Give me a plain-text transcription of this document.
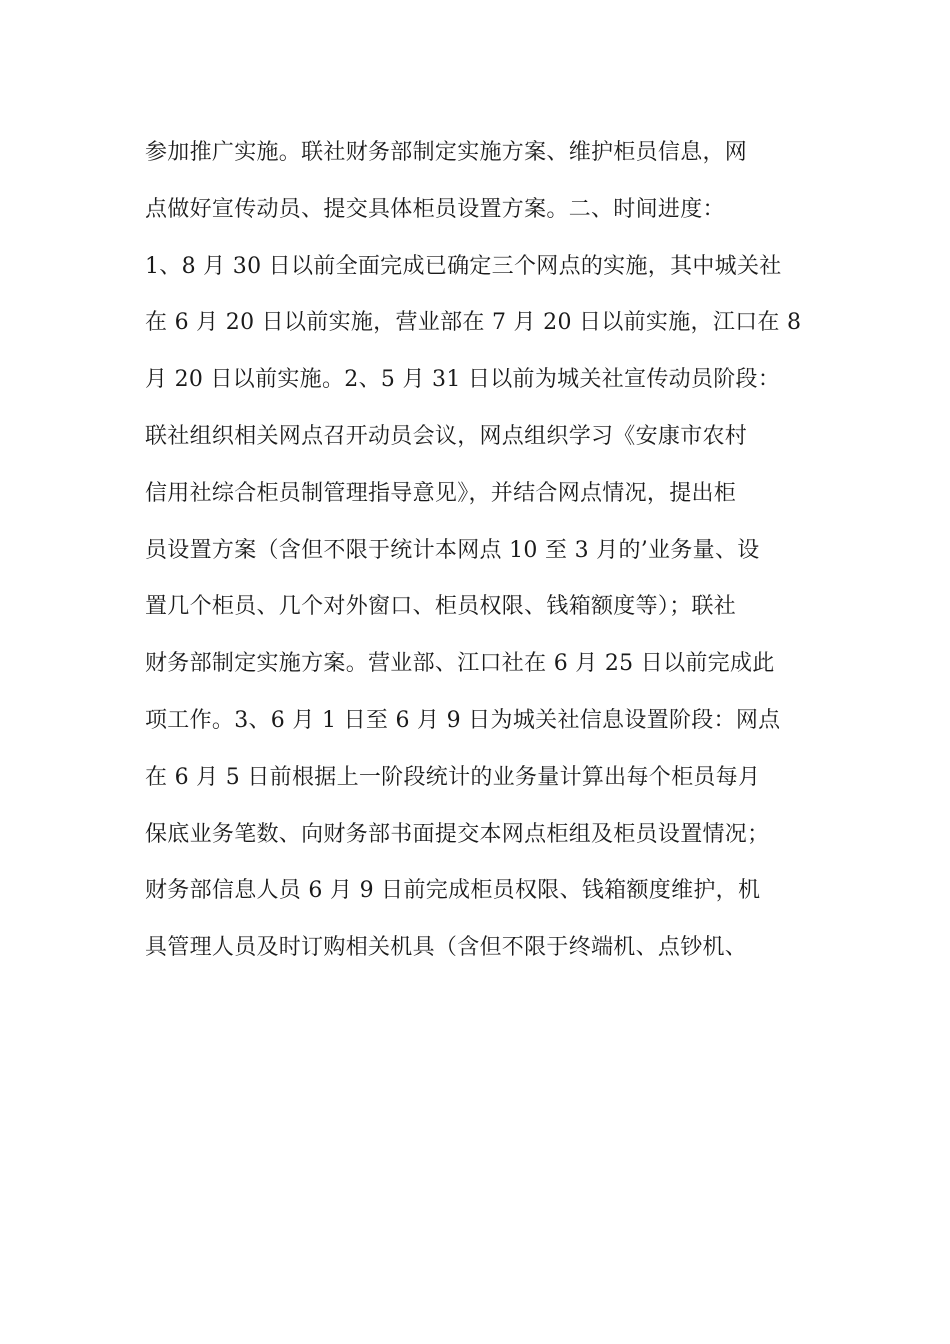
参加推广实施。联社财务部制定实施方案、维护柜员信息，网
点做好宣传动员、提交具体柜员设置方案。二、时间进度：
1、8 月 30 日以前全面完成已确定三个网点的实施，其中城关社
在 6 月 20 日以前实施，营业部在 7 月 20 日以前实施，江口在 8
月 20 日以前实施。2、5 月 31 日以前为城关社宣传动员阶段：
联社组织相关网点召开动员会议，网点组织学习《安康市农村
信用社综合柜员制管理指导意见》，并结合网点情况，提出柜
员设置方案（含但不限于统计本网点 10 至 3 月的’业务量、设
置几个柜员、几个对外窗口、柜员权限、钱箱额度等）；联社
财务部制定实施方案。营业部、江口社在 6 月 25 日以前完成此
项工作。3、6 月 1 日至 6 月 9 日为城关社信息设置阶段：网点
在 6 月 5 日前根据上一阶段统计的业务量计算出每个柜员每月
保底业务笔数、向财务部书面提交本网点柜组及柜员设置情况；
财务部信息人员 6 月 9 日前完成柜员权限、钱箱额度维护，机
具管理人员及时订购相关机具（含但不限于终端机、点钞机、
